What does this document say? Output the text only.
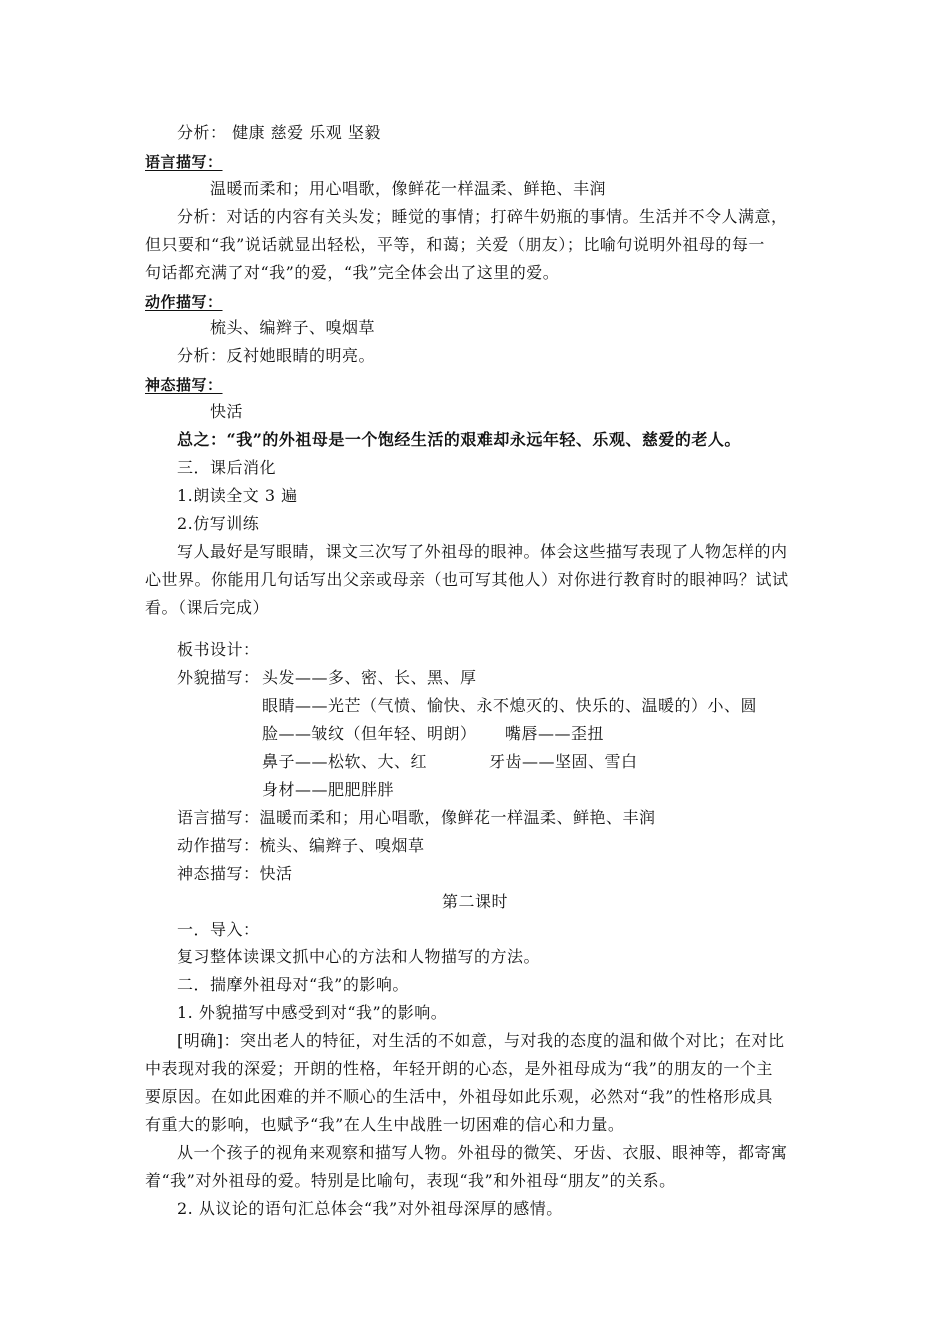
分析： 健康 慈爱 乐观 坚毅
语言描写：
温暖而柔和；用心唱歌，像鲜花一样温柔、鲜艳、丰润
分析：对话的内容有关头发；睡觉的事情；打碎牛奶瓶的事情。生活并不令人满意，
但只要和“我”说话就显出轻松，平等，和蔼；关爱（朋友）；比喻句说明外祖母的每一
句话都充满了对“我”的爱，“我”完全体会出了这里的爱。
动作描写：
梳头、编辫子、嗅烟草
分析：反衬她眼睛的明亮。
神态描写：
快活
总之：“我”的外祖母是一个饱经生活的艰难却永远年轻、乐观、慈爱的老人。
三．课后消化
1.朗读全文 3 遍
2.仿写训练
写人最好是写眼睛，课文三次写了外祖母的眼神。体会这些描写表现了人物怎样的内
心世界。你能用几句话写出父亲或母亲（也可写其他人）对你进行教育时的眼神吗？试试
看。（课后完成）
板书设计：
外貌描写： 头发——多、密、长、黑、厚
眼睛——光芒（气愤、愉快、永不熄灭的、快乐的、温暖的）小、圆
脸——皱纹（但年轻、明朗） 嘴唇——歪扭
鼻子——松软、大、红	牙齿——坚固、雪白
身材——肥肥胖胖
语言描写：温暖而柔和；用心唱歌，像鲜花一样温柔、鲜艳、丰润
动作描写：梳头、编辫子、嗅烟草
神态描写：快活
第二课时
一．导入：
复习整体读课文抓中心的方法和人物描写的方法。
二．揣摩外祖母对“我”的影响。
1. 外貌描写中感受到对“我”的影响。
[明确]：突出老人的特征，对生活的不如意，与对我的态度的温和做个对比；在对比
中表现对我的深爱；开朗的性格，年轻开朗的心态，是外祖母成为“我”的朋友的一个主
要原因。在如此困难的并不顺心的生活中，外祖母如此乐观，必然对“我”的性格形成具
有重大的影响，也赋予“我”在人生中战胜一切困难的信心和力量。
从一个孩子的视角来观察和描写人物。外祖母的微笑、牙齿、衣服、眼神等，都寄寓
着“我”对外祖母的爱。特别是比喻句，表现“我”和外祖母“朋友”的关系。
2. 从议论的语句汇总体会“我”对外祖母深厚的感情。
